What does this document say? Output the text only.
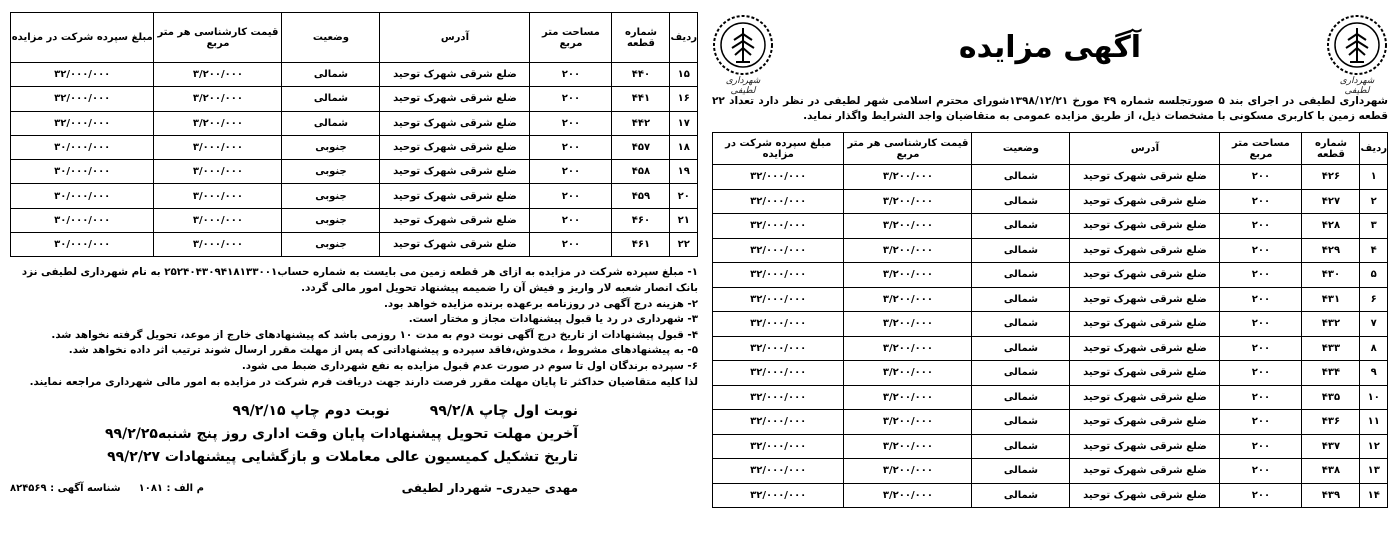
شهرداری لطیفی
آگهی مزایده
شهرداری لطیفی
شهرداری لطیفی در اجرای بند ۵ صورتجلسه شماره ۴۹ مورخ ۱۳۹۸/۱۲/۲۱شورای محترم اسلامی شهر لطیفی در نظر دارد تعداد ۲۲ قطعه زمین با کاربری مسکونی با مشخصات ذیل، از طریق مزایده عمومی به متقاضیان واجد الشرایط واگذار نماید.
ردیف	شماره قطعه	مساحت متر مربع	آدرس	وضعیت	قیمت کارشناسی هر متر مربع	مبلغ سپرده شرکت در مزایده
۱	۴۲۶	۲۰۰	ضلع شرقی شهرک توحید	شمالی	۳/۲۰۰/۰۰۰	۳۲/۰۰۰/۰۰۰
۲	۴۲۷	۲۰۰	ضلع شرقی شهرک توحید	شمالی	۳/۲۰۰/۰۰۰	۳۲/۰۰۰/۰۰۰
۳	۴۲۸	۲۰۰	ضلع شرقی شهرک توحید	شمالی	۳/۲۰۰/۰۰۰	۳۲/۰۰۰/۰۰۰
۴	۴۲۹	۲۰۰	ضلع شرقی شهرک توحید	شمالی	۳/۲۰۰/۰۰۰	۳۲/۰۰۰/۰۰۰
۵	۴۳۰	۲۰۰	ضلع شرقی شهرک توحید	شمالی	۳/۲۰۰/۰۰۰	۳۲/۰۰۰/۰۰۰
۶	۴۳۱	۲۰۰	ضلع شرقی شهرک توحید	شمالی	۳/۲۰۰/۰۰۰	۳۲/۰۰۰/۰۰۰
۷	۴۳۲	۲۰۰	ضلع شرقی شهرک توحید	شمالی	۳/۲۰۰/۰۰۰	۳۲/۰۰۰/۰۰۰
۸	۴۳۳	۲۰۰	ضلع شرقی شهرک توحید	شمالی	۳/۲۰۰/۰۰۰	۳۲/۰۰۰/۰۰۰
۹	۴۳۴	۲۰۰	ضلع شرقی شهرک توحید	شمالی	۳/۲۰۰/۰۰۰	۳۲/۰۰۰/۰۰۰
۱۰	۴۳۵	۲۰۰	ضلع شرقی شهرک توحید	شمالی	۳/۲۰۰/۰۰۰	۳۲/۰۰۰/۰۰۰
۱۱	۴۳۶	۲۰۰	ضلع شرقی شهرک توحید	شمالی	۳/۲۰۰/۰۰۰	۳۲/۰۰۰/۰۰۰
۱۲	۴۳۷	۲۰۰	ضلع شرقی شهرک توحید	شمالی	۳/۲۰۰/۰۰۰	۳۲/۰۰۰/۰۰۰
۱۳	۴۳۸	۲۰۰	ضلع شرقی شهرک توحید	شمالی	۳/۲۰۰/۰۰۰	۳۲/۰۰۰/۰۰۰
۱۴	۴۳۹	۲۰۰	ضلع شرقی شهرک توحید	شمالی	۳/۲۰۰/۰۰۰	۳۲/۰۰۰/۰۰۰
ردیف	شماره قطعه	مساحت متر مربع	آدرس	وضعیت	قیمت کارشناسی هر متر مربع	مبلغ سپرده شرکت در مزایده
۱۵	۴۴۰	۲۰۰	ضلع شرقی شهرک توحید	شمالی	۳/۲۰۰/۰۰۰	۳۲/۰۰۰/۰۰۰
۱۶	۴۴۱	۲۰۰	ضلع شرقی شهرک توحید	شمالی	۳/۲۰۰/۰۰۰	۳۲/۰۰۰/۰۰۰
۱۷	۴۴۲	۲۰۰	ضلع شرقی شهرک توحید	شمالی	۳/۲۰۰/۰۰۰	۳۲/۰۰۰/۰۰۰
۱۸	۴۵۷	۲۰۰	ضلع شرقی شهرک توحید	جنوبی	۳/۰۰۰/۰۰۰	۳۰/۰۰۰/۰۰۰
۱۹	۴۵۸	۲۰۰	ضلع شرقی شهرک توحید	جنوبی	۳/۰۰۰/۰۰۰	۳۰/۰۰۰/۰۰۰
۲۰	۴۵۹	۲۰۰	ضلع شرقی شهرک توحید	جنوبی	۳/۰۰۰/۰۰۰	۳۰/۰۰۰/۰۰۰
۲۱	۴۶۰	۲۰۰	ضلع شرقی شهرک توحید	جنوبی	۳/۰۰۰/۰۰۰	۳۰/۰۰۰/۰۰۰
۲۲	۴۶۱	۲۰۰	ضلع شرقی شهرک توحید	جنوبی	۳/۰۰۰/۰۰۰	۳۰/۰۰۰/۰۰۰

۱- مبلغ سپرده شرکت در مزایده به ازای هر قطعه زمین می بایست به شماره حساب۲۵۲۴۰۴۳۰۹۴۱۸۱۳۳۰۰۱ به نام شهرداری لطیفی نزد بانک انصار شعبه لار واریز و فیش آن را ضمیمه پیشنهاد تحویل امور مالی گردد.

۲- هزینه درج آگهی در روزنامه برعهده برنده مزایده خواهد بود.

۳- شهرداری در رد یا قبول پیشنهادات مجاز و مختار است.

۴- قبول پیشنهادات از تاریخ درج آگهی نوبت دوم به مدت ۱۰ روزمی باشد که پیشنهادهای خارج از موعد، تحویل گرفته نخواهد شد.

۵- به پیشنهادهای مشروط ، مخدوش،فاقد سپرده و پیشنهاداتی که پس از مهلت مقرر ارسال شوند ترتیب اثر داده نخواهد شد.

۶- سپرده برندگان اول تا سوم در صورت عدم قبول مزایده به نفع شهرداری ضبط می شود.

لذا کلیه متقاضیان حداکثر تا پایان مهلت مقرر فرصت دارند جهت دریافت فرم شرکت در مزایده به امور مالی شهرداری مراجعه نمایند.

نوبت اول چاپ ۹۹/۲/۸
نوبت دوم چاپ ۹۹/۲/۱۵
آخرین مهلت تحویل پیشنهادات پایان وقت اداری روز پنج شنبه۹۹/۲/۲۵
تاریخ تشکیل کمیسیون عالی معاملات و بازگشایی پیشنهادات ۹۹/۲/۲۷
مهدی حیدری– شهردار لطیفی
م الف : ۱۰۸۱
شناسه آگهی : ۸۲۴۵۶۹
